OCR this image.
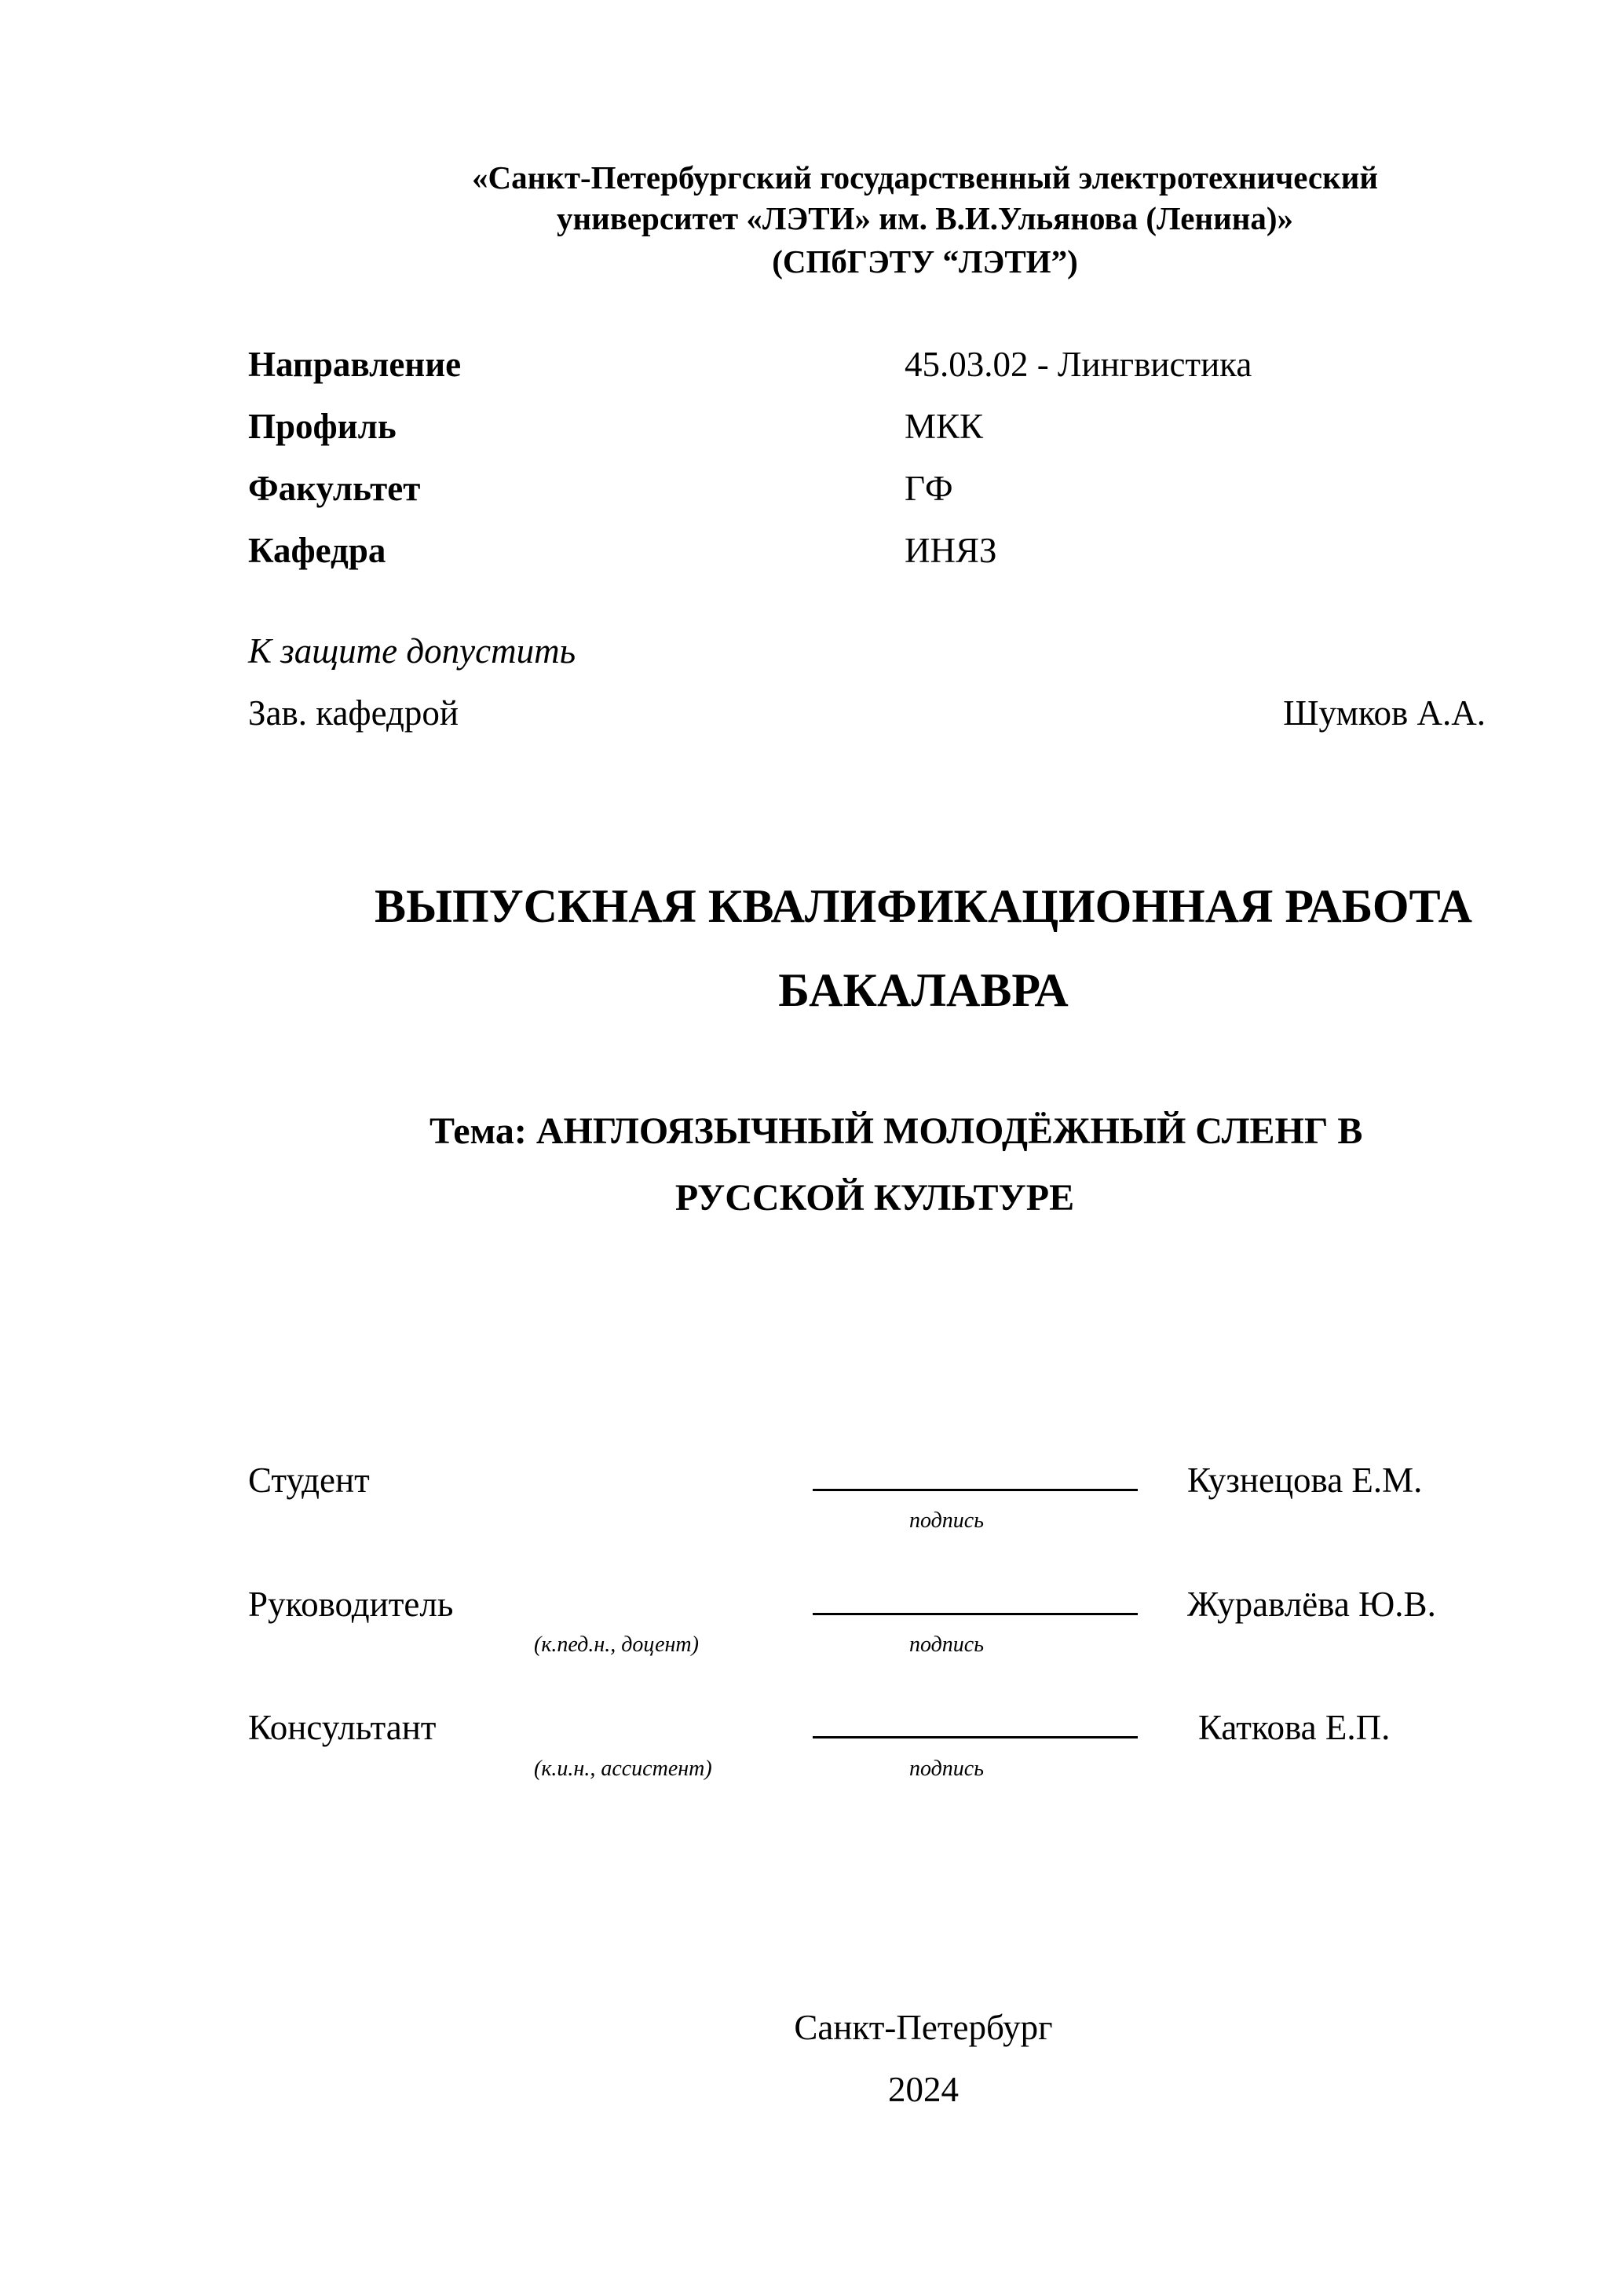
«Санкт-Петербургский государственный электротехнический
университет «ЛЭТИ» им. В.И.Ульянова (Ленина)»
(СПбГЭТУ “ЛЭТИ”)
Направление	45.03.02 - Лингвистика
Профиль	МКК
Факультет	ГФ
Кафедра	ИНЯЗ
К защите допустить
Зав. кафедрой	Шумков А.А.
ВЫПУСКНАЯ КВАЛИФИКАЦИОННАЯ РАБОТА
БАКАЛАВРА
Тема: АНГЛОЯЗЫЧНЫЙ МОЛОДЁЖНЫЙ СЛЕНГ В
РУССКОЙ КУЛЬТУРЕ
Студент	Кузнецова Е.М.
подпись
Руководитель	Журавлёва Ю.В.
(к.пед.н., доцент)	подпись
Консультант	Каткова Е.П.
(к.и.н., ассистент)	подпись
Санкт-Петербург
2024
